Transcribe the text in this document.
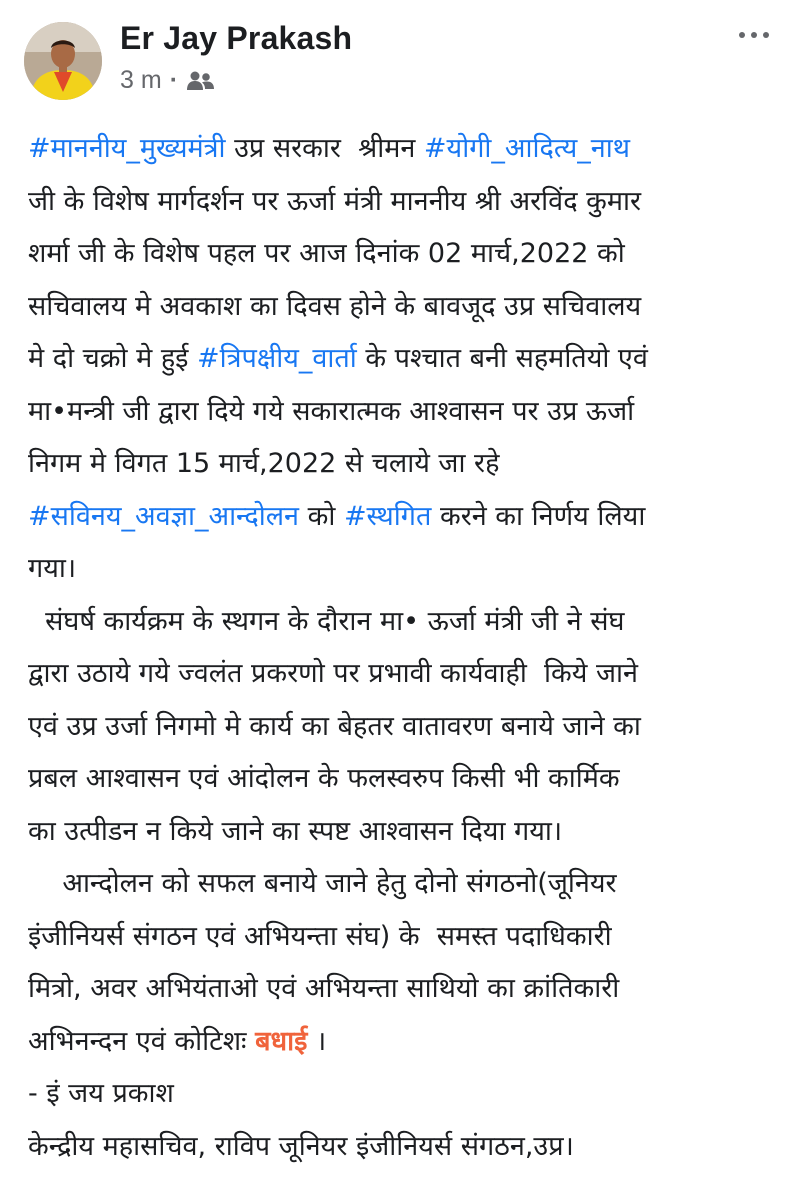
Er Jay Prakash
3 m ·
#माननीय_मुख्यमंत्री उप्र सरकार  श्रीमन #योगी_आदित्य_नाथ
जी के विशेष मार्गदर्शन पर ऊर्जा मंत्री माननीय श्री अरविंद कुमार
शर्मा जी के विशेष पहल पर आज दिनांक 02 मार्च,2022 को
सचिवालय मे अवकाश का दिवस होने के बावजूद उप्र सचिवालय
मे दो चक्रो मे हुई #त्रिपक्षीय_वार्ता के पश्चात बनी सहमतियो एवं
मा•मन्त्री जी द्वारा दिये गये सकारात्मक आश्वासन पर उप्र ऊर्जा
निगम मे विगत 15 मार्च,2022 से चलाये जा रहे
#सविनय_अवज्ञा_आन्दोलन को #स्थगित करने का निर्णय लिया
गया।
संघर्ष कार्यक्रम के स्थगन के दौरान मा• ऊर्जा मंत्री जी ने संघ
द्वारा उठाये गये ज्वलंत प्रकरणो पर प्रभावी कार्यवाही  किये जाने
एवं उप्र उर्जा निगमो मे कार्य का बेहतर वातावरण बनाये जाने का
प्रबल आश्वासन एवं आंदोलन के फलस्वरुप किसी भी कार्मिक
का उत्पीडन न किये जाने का स्पष्ट आश्वासन दिया गया।
आन्दोलन को सफल बनाये जाने हेतु दोनो संगठनो(जूनियर
इंजीनियर्स संगठन एवं अभियन्ता संघ) के  समस्त पदाधिकारी
मित्रो, अवर अभियंताओ एवं अभियन्ता साथियो का क्रांतिकारी
अभिनन्दन एवं कोटिशः बधाई ।
- इं जय प्रकाश
केन्द्रीय महासचिव, राविप जूनियर इंजीनियर्स संगठन,उप्र।
